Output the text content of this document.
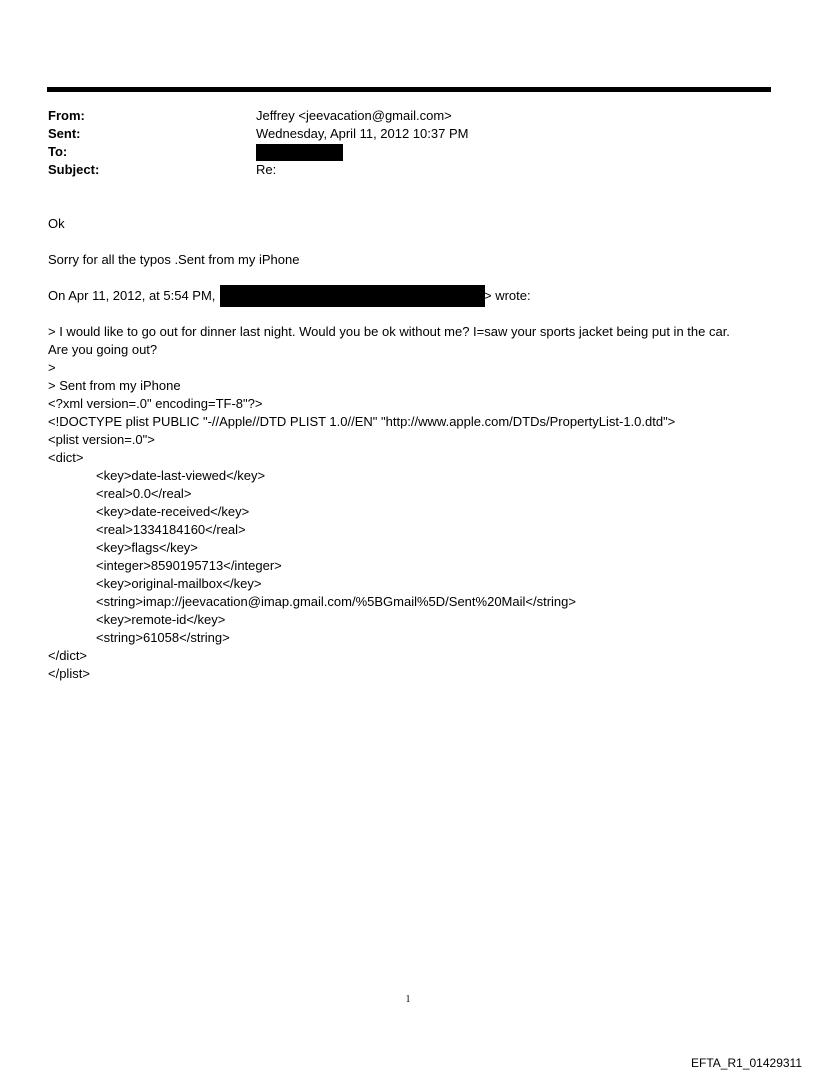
From:	Jeffrey <jeevacation@gmail.com>
Sent:	Wednesday, April 11, 2012 10:37 PM
To:
Subject:	Re:
Ok
Sorry for all the typos .Sent from my iPhone
On Apr 11, 2012, at 5:54 PM,	> wrote:
> I would like to go out for dinner last night. Would you be ok without me? I=saw your sports jacket being put in the car.
Are you going out?
>
> Sent from my iPhone
<?xml version=.0" encoding=TF-8"?>
<!DOCTYPE plist PUBLIC "-//Apple//DTD PLIST 1.0//EN" "http://www.apple.com/DTDs/PropertyList-1.0.dtd">
<plist version=.0">
<dict>
<key>date-last-viewed</key>
<real>0.0</real>
<key>date-received</key>
<real>1334184160</real>
<key>flags</key>
<integer>8590195713</integer>
<key>original-mailbox</key>
<string>imap://jeevacation@imap.gmail.com/%5BGmail%5D/Sent%20Mail</string>
<key>remote-id</key>
<string>61058</string>
</dict>
</plist>
1
EFTA_R1_01429311
